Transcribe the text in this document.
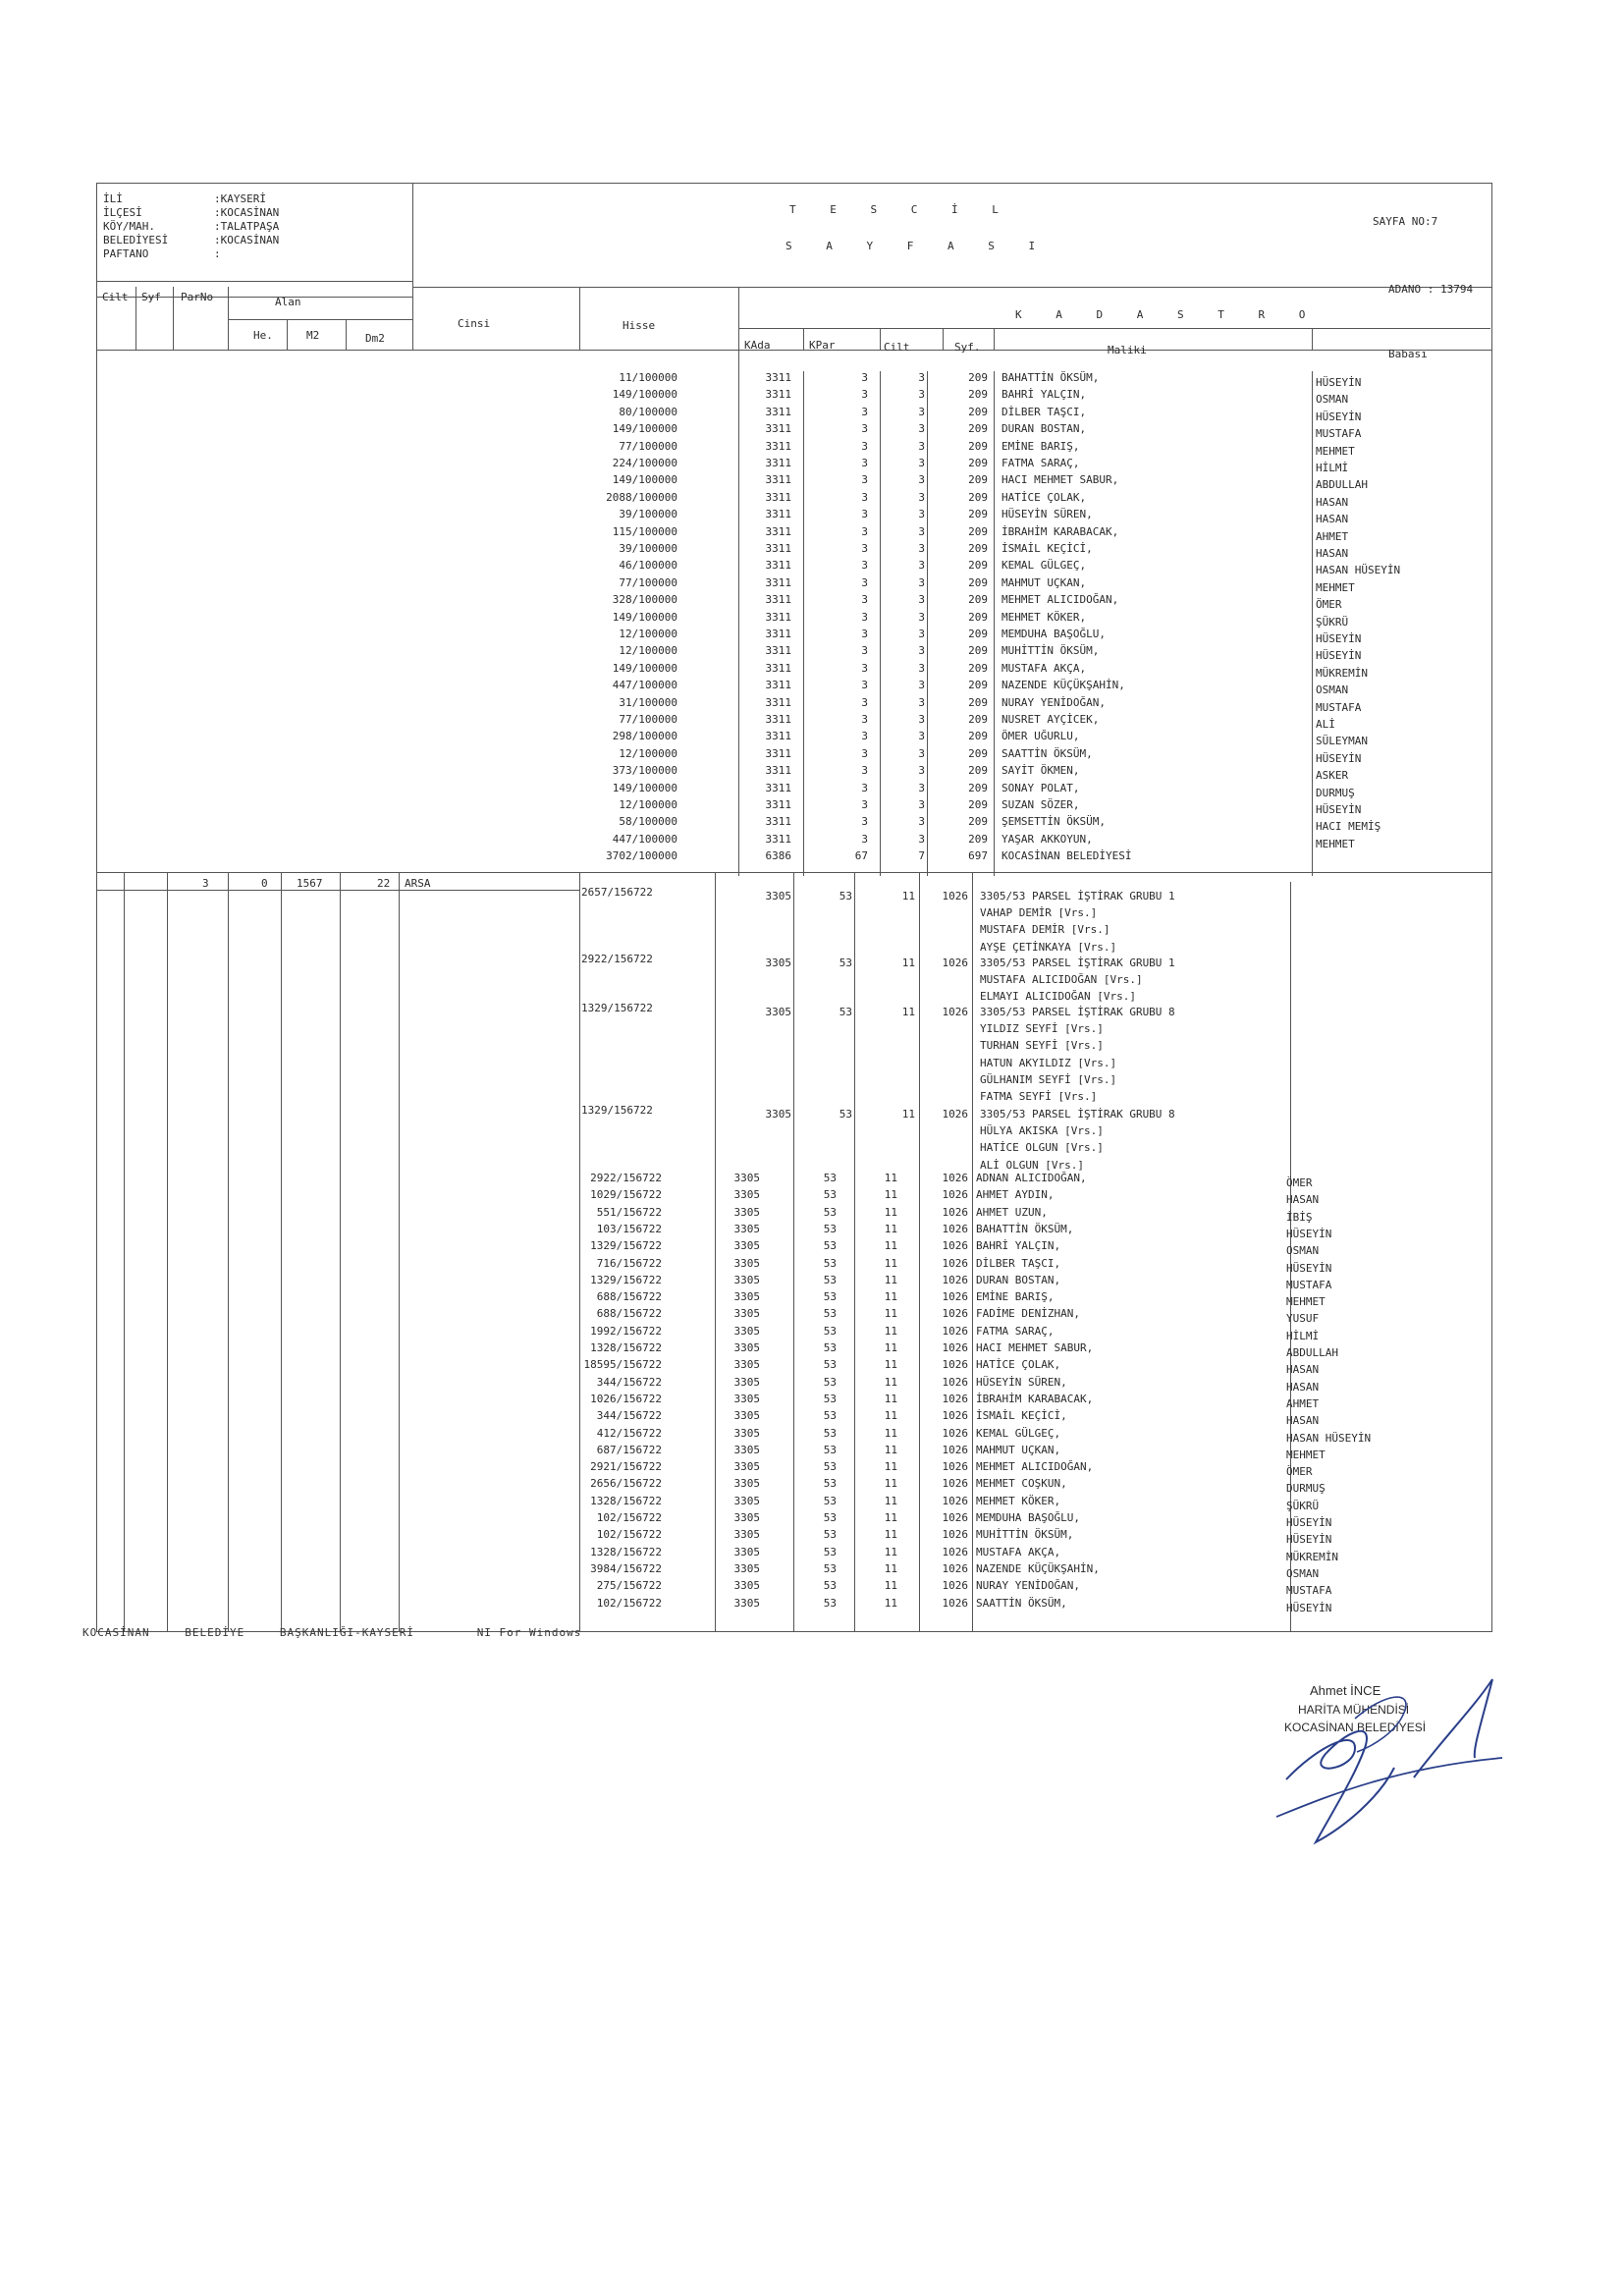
İLİ	:KAYSERİ
İLÇESİ	:KOCASİNAN
KÖY/MAH.	:TALATPAŞA
BELEDİYESİ	:KOCASİNAN
PAFTANO	:
T E S C İ L
S A Y F A S I
SAYFA NO:7
ADANO : 13794
Cilt Syf ParNo	Alan
He.	M2	Dm2
Cinsi	Hisse
K A D A S T R O
KAda	KPar	Cilt	Syf.	Maliki	Babası
3	0	1567	22 ARSA
11/100000	3311	3	3	209 BAHATTİN ÖKSÜM,	HÜSEYİN
149/100000	3311	3	3	209 BAHRİ YALÇIN,	OSMAN
80/100000	3311	3	3	209 DİLBER TAŞCI,	HÜSEYİN
149/100000	3311	3	3	209 DURAN BOSTAN,	MUSTAFA
77/100000	3311	3	3	209 EMİNE BARIŞ,	MEHMET
224/100000	3311	3	3	209 FATMA SARAÇ,	HİLMİ
149/100000	3311	3	3	209 HACI MEHMET SABUR,	ABDULLAH
2088/100000	3311	3	3	209 HATİCE ÇOLAK,	HASAN
39/100000	3311	3	3	209 HÜSEYİN SÜREN,	HASAN
115/100000	3311	3	3	209 İBRAHİM KARABACAK,	AHMET
39/100000	3311	3	3	209 İSMAİL KEÇİCİ,	HASAN
46/100000	3311	3	3	209 KEMAL GÜLGEÇ,	HASAN HÜSEYİN
77/100000	3311	3	3	209 MAHMUT UÇKAN,	MEHMET
328/100000	3311	3	3	209 MEHMET ALICIDOĞAN,	ÖMER
149/100000	3311	3	3	209 MEHMET KÖKER,	ŞÜKRÜ
12/100000	3311	3	3	209 MEMDUHA BAŞOĞLU,	HÜSEYİN
12/100000	3311	3	3	209 MUHİTTİN ÖKSÜM,	HÜSEYİN
149/100000	3311	3	3	209 MUSTAFA AKÇA,	MÜKREMİN
447/100000	3311	3	3	209 NAZENDE KÜÇÜKŞAHİN,	OSMAN
31/100000	3311	3	3	209 NURAY YENİDOĞAN,	MUSTAFA
77/100000	3311	3	3	209 NUSRET AYÇİCEK,	ALİ
298/100000	3311	3	3	209 ÖMER UĞURLU,	SÜLEYMAN
12/100000	3311	3	3	209 SAATTİN ÖKSÜM,	HÜSEYİN
373/100000	3311	3	3	209 SAYİT ÖKMEN,	ASKER
149/100000	3311	3	3	209 SONAY POLAT,	DURMUŞ
12/100000	3311	3	3	209 SUZAN SÖZER,	HÜSEYİN
58/100000	3311	3	3	209 ŞEMSETTİN ÖKSÜM,	HACI MEMİŞ
447/100000	3311	3	3	209 YAŞAR AKKOYUN,	MEHMET
3702/100000	6386	67	7	697 KOCASİNAN BELEDİYESİ
2657/156722	3305	53	11	1026 3305/53 PARSEL İŞTİRAK GRUBU 1
VAHAP DEMİR [Vrs.]
MUSTAFA DEMİR [Vrs.]
AYŞE ÇETİNKAYA [Vrs.]
2922/156722	3305	53	11	1026 3305/53 PARSEL İŞTİRAK GRUBU 1
MUSTAFA ALICIDOĞAN [Vrs.]
ELMAYI ALICIDOĞAN [Vrs.]
1329/156722	3305	53	11	1026 3305/53 PARSEL İŞTİRAK GRUBU 8
YILDIZ SEYFİ [Vrs.]
TURHAN SEYFİ [Vrs.]
HATUN AKYILDIZ [Vrs.]
GÜLHANIM SEYFİ [Vrs.]
FATMA SEYFİ [Vrs.]
1329/156722	3305	53	11	1026 3305/53 PARSEL İŞTİRAK GRUBU 8
HÜLYA AKISKA [Vrs.]
HATİCE OLGUN [Vrs.]
ALİ OLGUN [Vrs.]
2922/156722	3305	53	11	1026 ADNAN ALICIDOĞAN,	ÖMER
1029/156722	3305	53	11	1026 AHMET AYDIN,	HASAN
551/156722	3305	53	11	1026 AHMET UZUN,	İBİŞ
103/156722	3305	53	11	1026 BAHATTİN ÖKSÜM,	HÜSEYİN
1329/156722	3305	53	11	1026 BAHRİ YALÇIN,	OSMAN
716/156722	3305	53	11	1026 DİLBER TAŞCI,	HÜSEYİN
1329/156722	3305	53	11	1026 DURAN BOSTAN,	MUSTAFA
688/156722	3305	53	11	1026 EMİNE BARIŞ,	MEHMET
688/156722	3305	53	11	1026 FADİME DENİZHAN,	YUSUF
1992/156722	3305	53	11	1026 FATMA SARAÇ,	HİLMİ
1328/156722	3305	53	11	1026 HACI MEHMET SABUR,	ABDULLAH
18595/156722	3305	53	11	1026 HATİCE ÇOLAK,	HASAN
344/156722	3305	53	11	1026 HÜSEYİN SÜREN,	HASAN
1026/156722	3305	53	11	1026 İBRAHİM KARABACAK,	AHMET
344/156722	3305	53	11	1026 İSMAİL KEÇİCİ,	HASAN
412/156722	3305	53	11	1026 KEMAL GÜLGEÇ,	HASAN HÜSEYİN
687/156722	3305	53	11	1026 MAHMUT UÇKAN,	MEHMET
2921/156722	3305	53	11	1026 MEHMET ALICIDOĞAN,	ÖMER
2656/156722	3305	53	11	1026 MEHMET COŞKUN,	DURMUŞ
1328/156722	3305	53	11	1026 MEHMET KÖKER,	ŞÜKRÜ
102/156722	3305	53	11	1026 MEMDUHA BAŞOĞLU,	HÜSEYİN
102/156722	3305	53	11	1026 MUHİTTİN ÖKSÜM,	HÜSEYİN
1328/156722	3305	53	11	1026 MUSTAFA AKÇA,	MÜKREMİN
3984/156722	3305	53	11	1026 NAZENDE KÜÇÜKŞAHİN,	OSMAN
275/156722	3305	53	11	1026 NURAY YENİDOĞAN,	MUSTAFA
102/156722	3305	53	11	1026 SAATTİN ÖKSÜM,	HÜSEYİN
KOCASİNAN	BELEDİYE	BAŞKANLIĞI-KAYSERİ	NI For Windows
Ahmet İNCE
HARİTA MÜHENDİSİ
KOCASİNAN BELEDİYESİ
